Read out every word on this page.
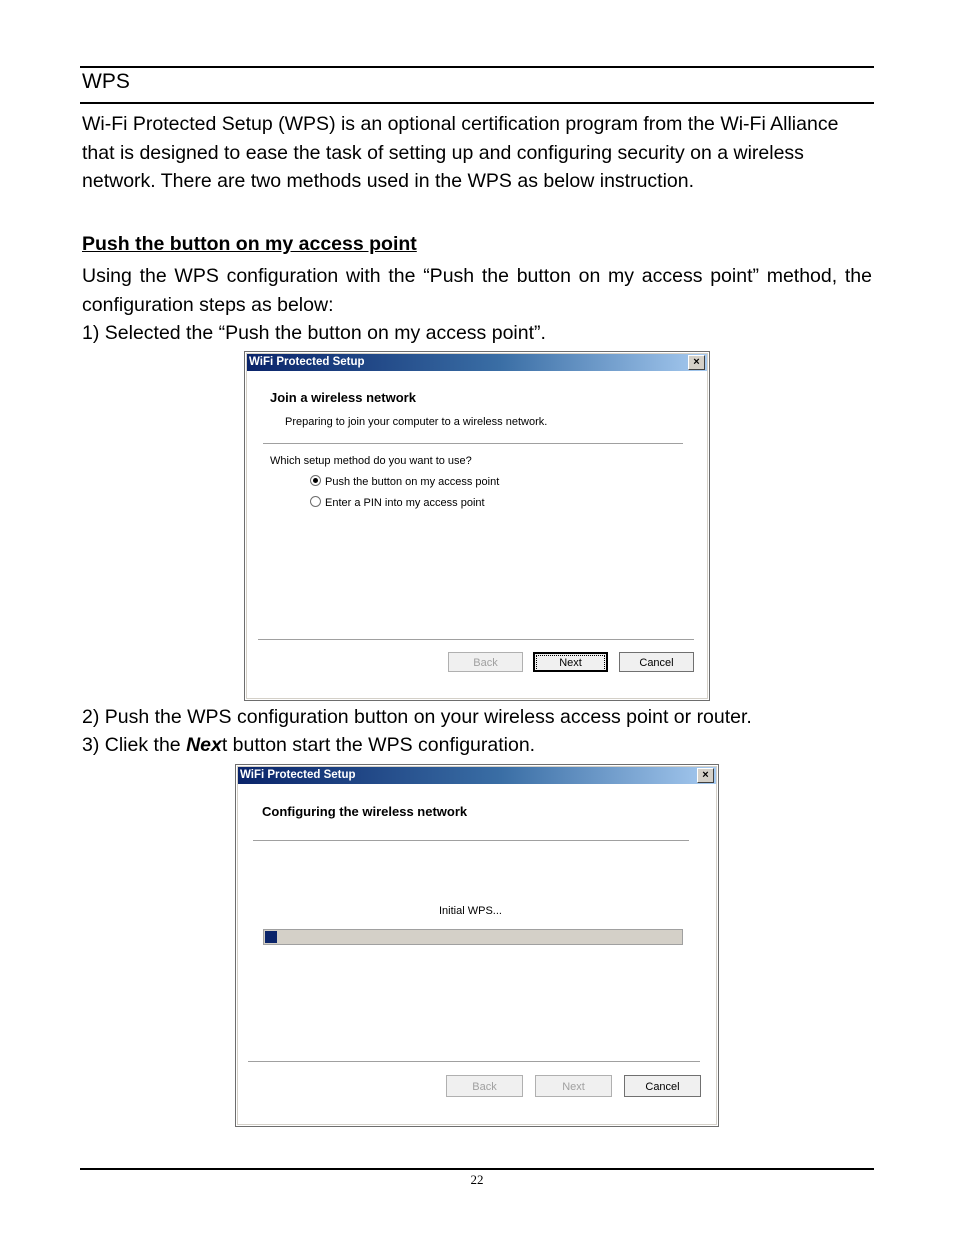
WPS
Wi-Fi Protected Setup (WPS) is an optional certification program from the Wi-Fi Alliance that is designed to ease the task of setting up and configuring security on a wireless network. There are two methods used in the WPS as below instruction.
Push the button on my access point
Using the WPS configuration with the “Push the button on my access point” method, the configuration steps as below:
1) Selected the “Push the button on my access point”.
WiFi Protected Setup	×
Join a wireless network
Preparing to join your computer to a wireless network.
Which setup method do you want to use?
Push the button on my access point
Enter a PIN into my access point
Back	Next	Cancel
2) Push the WPS configuration button on your wireless access point or router.
3) Cliek the Next button start the WPS configuration.
WiFi Protected Setup	×
Configuring the wireless network
Initial WPS...
Back	Next	Cancel
22
